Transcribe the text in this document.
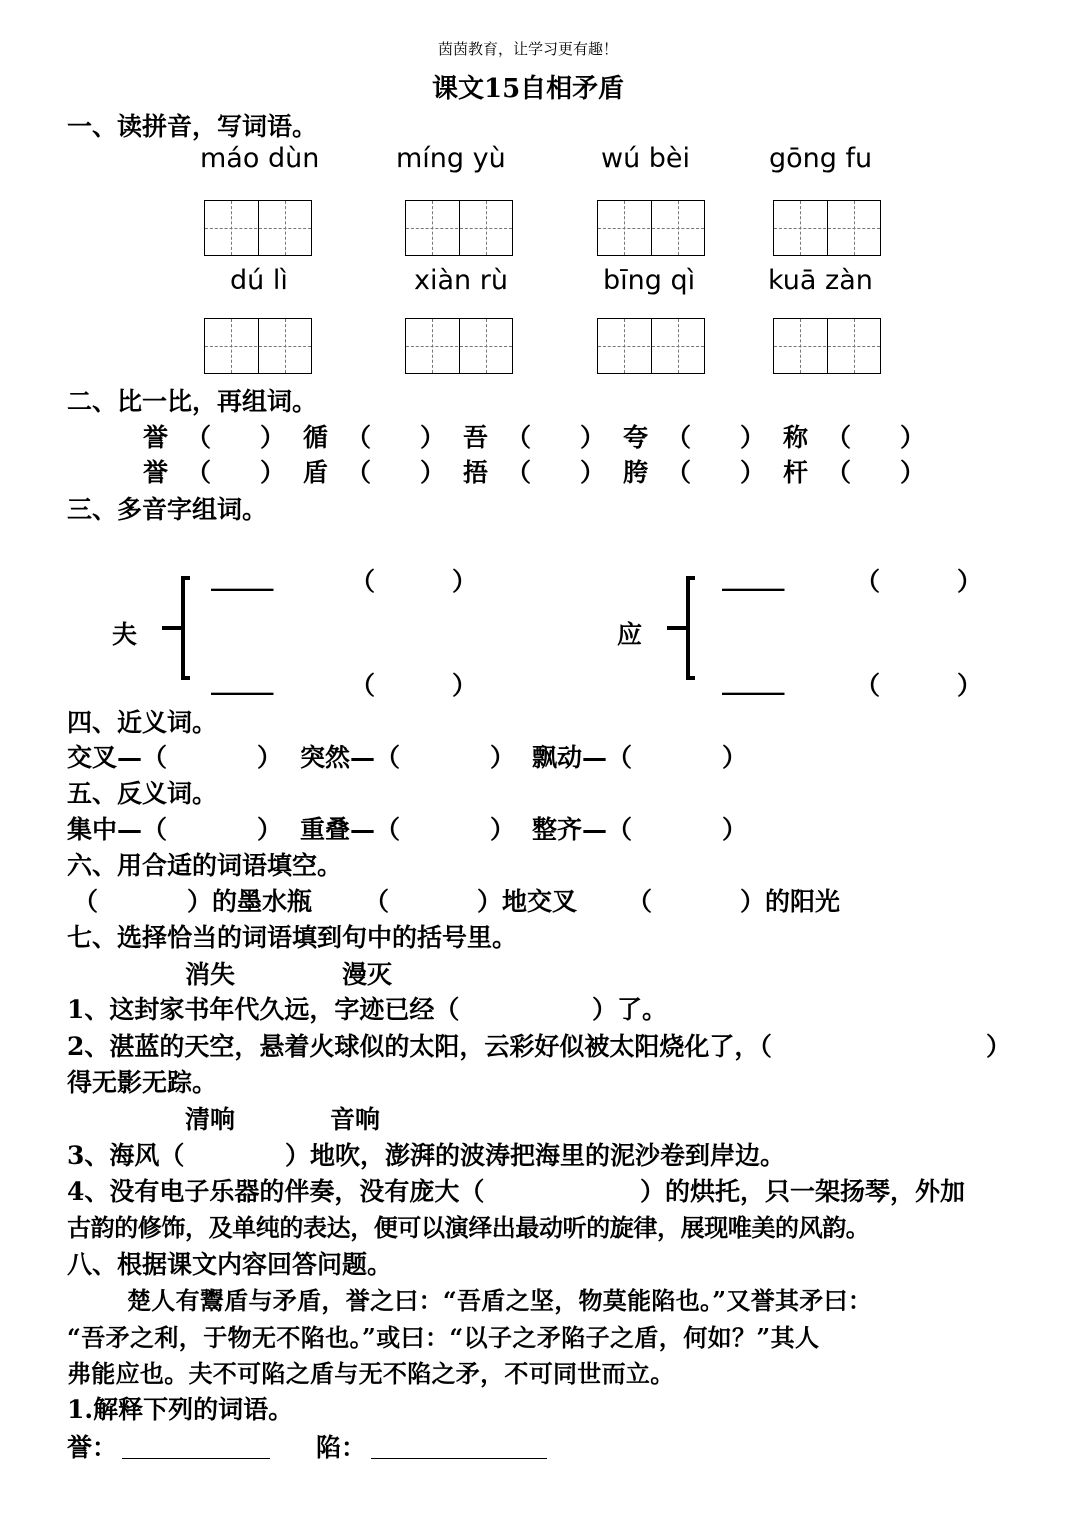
茵茵教育，让学习更有趣！
课文15自相矛盾
一、读拼音，写词语。
máo dùn	míng yù	wú bèi	gōng fu
dú lì	xiàn rù	bīng qì	kuā zàn
二、比一比，再组词。
誉 （ ） 循 （ ） 吾 （ ） 夸 （ ） 称 （ ）
誉 （ ） 盾 （ ） 捂 （ ） 胯 （ ） 杆 （ ）
三、多音字组词。
夫
_____	（	）
_____	（	）
应
_____	（	）
_____	（	）
四、近义词。
交叉—（	） 突然—（	） 飘动—（	）
五、反义词。
集中—（	） 重叠—（	） 整齐—（	）
六、用合适的词语填空。
（	）的墨水瓶 （	）地交叉 （	）的阳光
七、选择恰当的词语填到句中的括号里。
消失	漫灭
1、这封家书年代久远，字迹已经（	）了。
2、湛蓝的天空，悬着火球似的太阳，云彩好似被太阳烧化了，（	）
得无影无踪。
清响	音响
3、海风（	）地吹，澎湃的波涛把海里的泥沙卷到岸边。
4、没有电子乐器的伴奏，没有庞大（	）的烘托，只一架扬琴，外加
古韵的修饰，及单纯的表达，便可以演绎出最动听的旋律，展现唯美的风韵。
八、根据课文内容回答问题。
楚人有鬻盾与矛盾，誉之曰：“吾盾之坚，物莫能陷也。”又誉其矛曰：
“吾矛之利，于物无不陷也。”或曰：“以子之矛陷子之盾，何如？”其人
弗能应也。夫不可陷之盾与无不陷之矛，不可同世而立。
1.解释下列的词语。
誉：	陷：
